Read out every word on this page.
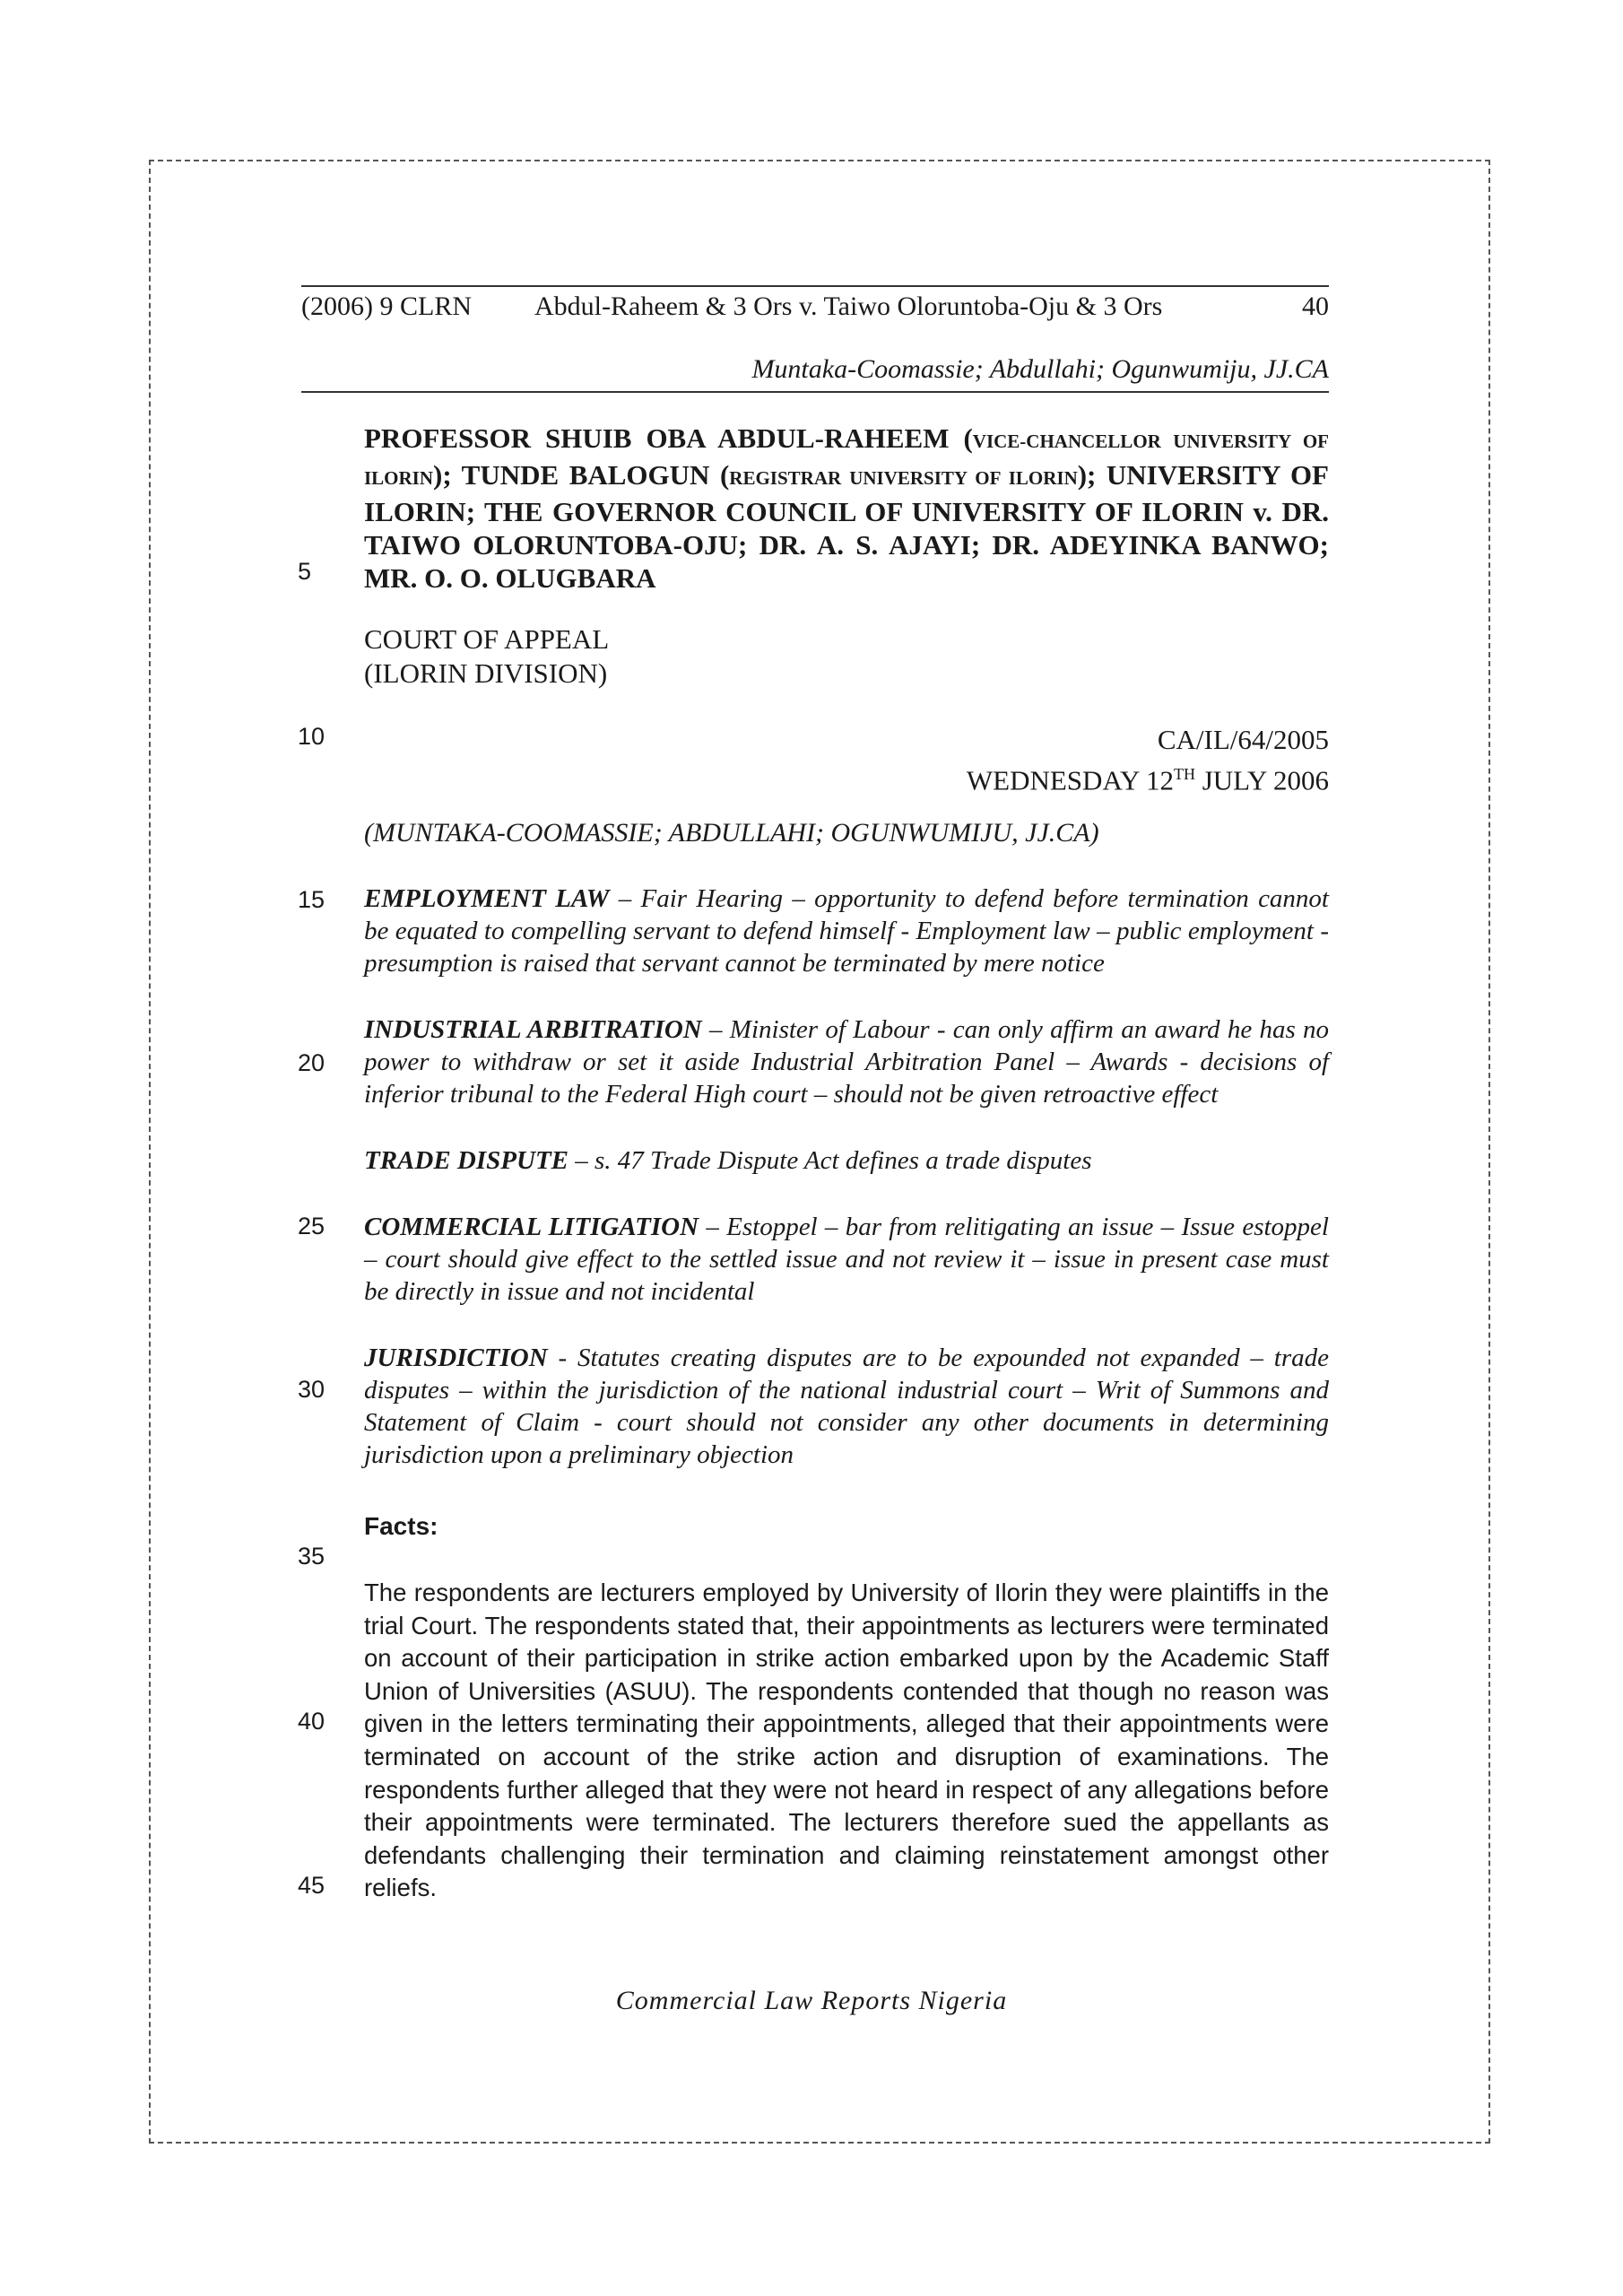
(2006) 9 CLRN Abdul-Raheem & 3 Ors v. Taiwo Oloruntoba-Oju & 3 Ors	40
Muntaka-Coomassie; Abdullahi; Ogunwumiju, JJ.CA
5
10
15
20
25
30
35
40
45
PROFESSOR SHUIB OBA ABDUL-RAHEEM (VICE-CHANCELLOR UNIVERSITY OF ILORIN); TUNDE BALOGUN (REGISTRAR UNIVERSITY OF ILORIN); UNIVERSITY OF ILORIN; THE GOVERNOR COUNCIL OF UNIVERSITY OF ILORIN v. DR. TAIWO OLORUNTOBA-OJU; DR. A. S. AJAYI; DR. ADEYINKA BANWO; MR. O. O. OLUGBARA
COURT OF APPEAL
(ILORIN DIVISION)
CA/IL/64/2005
WEDNESDAY 12TH JULY 2006
(MUNTAKA-COOMASSIE; ABDULLAHI; OGUNWUMIJU, JJ.CA)
EMPLOYMENT LAW – Fair Hearing – opportunity to defend before termination cannot be equated to compelling servant to defend himself - Employment law – public employment - presumption is raised that servant cannot be terminated by mere notice
INDUSTRIAL ARBITRATION – Minister of Labour - can only affirm an award he has no power to withdraw or set it aside Industrial Arbitration Panel – Awards - decisions of inferior tribunal to the Federal High court – should not be given retroactive effect
TRADE DISPUTE – s. 47 Trade Dispute Act defines a trade disputes
COMMERCIAL LITIGATION – Estoppel – bar from relitigating an issue – Issue estoppel – court should give effect to the settled issue and not review it – issue in present case must be directly in issue and not incidental
JURISDICTION - Statutes creating disputes are to be expounded not expanded – trade disputes – within the jurisdiction of the national industrial court – Writ of Summons and Statement of Claim - court should not consider any other documents in determining jurisdiction upon a preliminary objection
Facts:
The respondents are lecturers employed by University of Ilorin they were plaintiffs in the trial Court. The respondents stated that, their appointments as lecturers were terminated on account of their participation in strike action embarked upon by the Academic Staff Union of Universities (ASUU). The respondents contended that though no reason was given in the letters terminating their appointments, alleged that their appointments were terminated on account of the strike action and disruption of examinations. The respondents further alleged that they were not heard in respect of any allegations before their appointments were terminated. The lecturers therefore sued the appellants as defendants challenging their termination and claiming reinstatement amongst other reliefs.
Commercial Law Reports Nigeria
